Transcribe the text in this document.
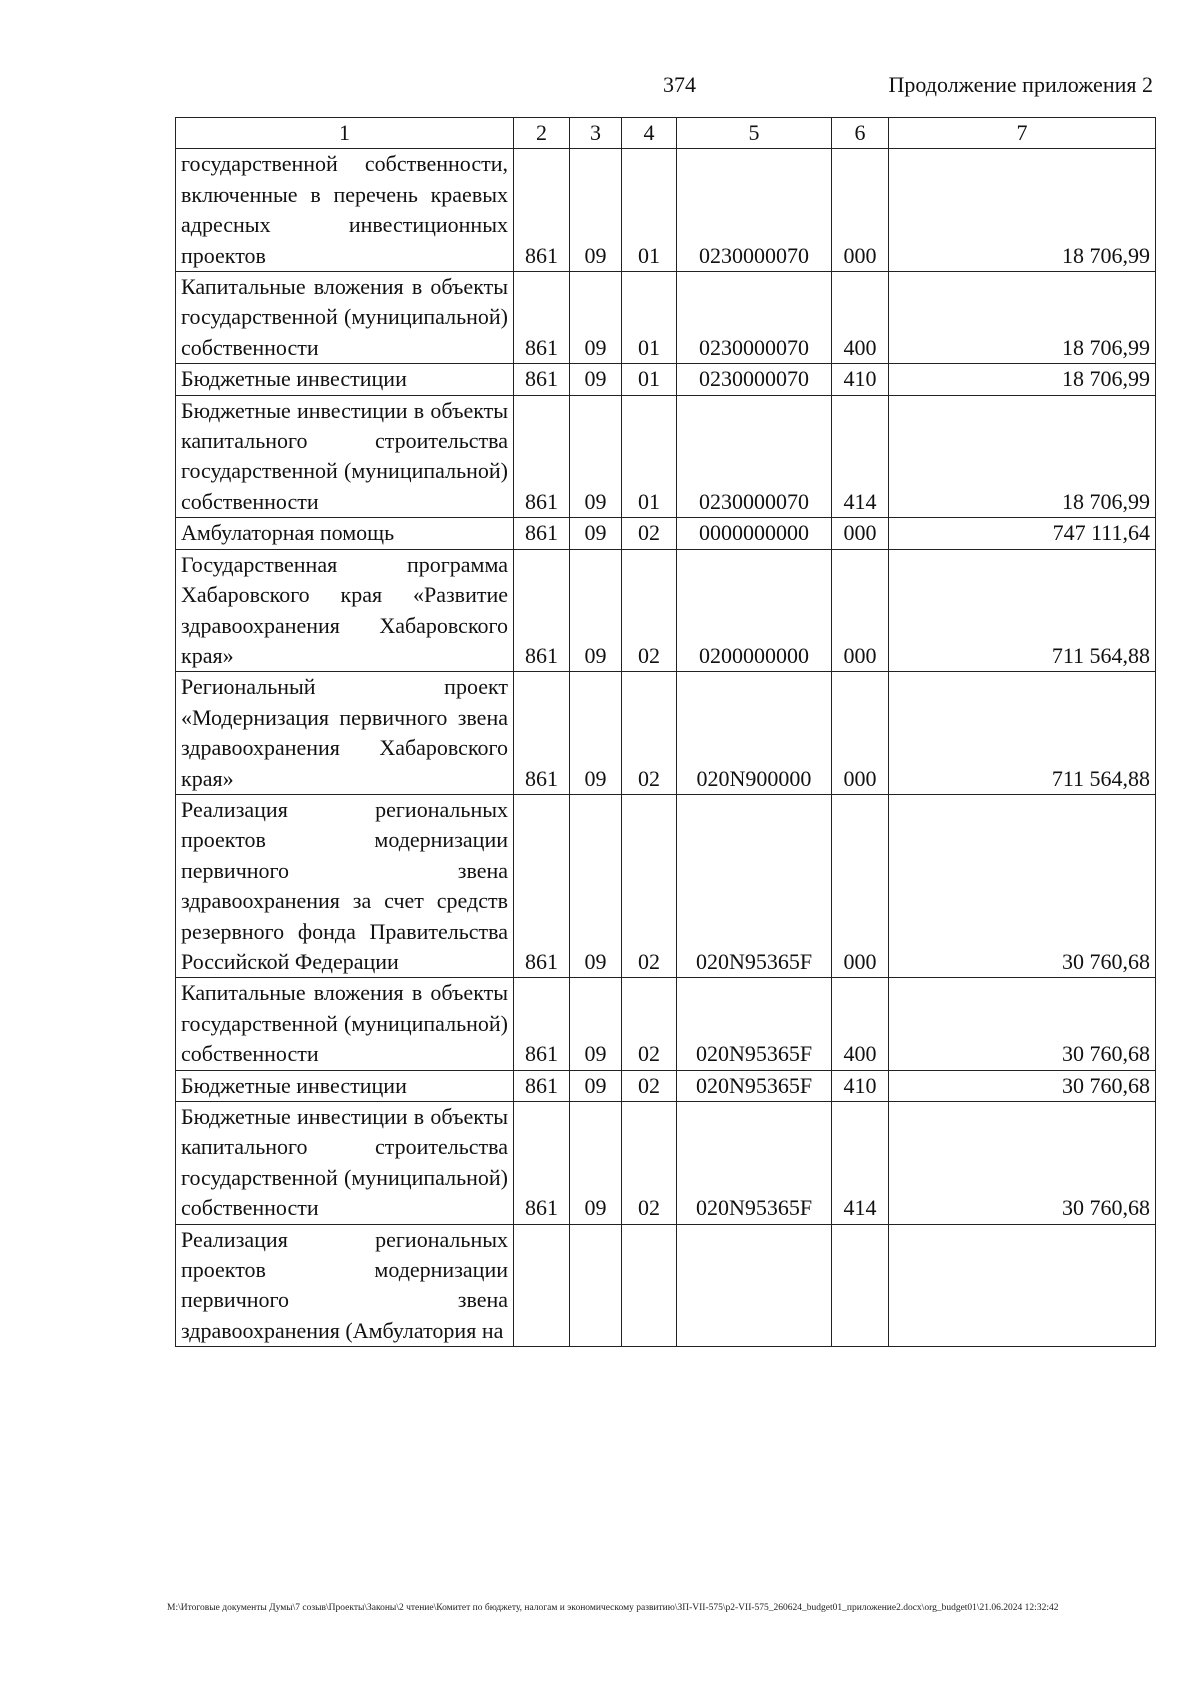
374	Продолжение приложения 2
1	2	3	4	5	6	7
государственной собственности, включенные в перечень краевых адресных инвестиционных проектов	861	09	01	0230000070	000	18 706,99
Капитальные вложения в объекты государственной (муниципальной) собственности	861	09	01	0230000070	400	18 706,99
Бюджетные инвестиции	861	09	01	0230000070	410	18 706,99
Бюджетные инвестиции в объекты капитального строительства государственной (муниципальной) собственности	861	09	01	0230000070	414	18 706,99
Амбулаторная помощь	861	09	02	0000000000	000	747 111,64
Государственная программа Хабаровского края «Развитие здравоохранения Хабаровского края»	861	09	02	0200000000	000	711 564,88
Региональный проект «Модернизация первичного звена здравоохранения Хабаровского края»	861	09	02	020N900000	000	711 564,88
Реализация региональных проектов модернизации первичного звена здравоохранения за счет средств резервного фонда Правительства Российской Федерации	861	09	02	020N95365F	000	30 760,68
Капитальные вложения в объекты государственной (муниципальной) собственности	861	09	02	020N95365F	400	30 760,68
Бюджетные инвестиции	861	09	02	020N95365F	410	30 760,68
Бюджетные инвестиции в объекты капитального строительства государственной (муниципальной) собственности	861	09	02	020N95365F	414	30 760,68
Реализация региональных проектов модернизации первичного звена здравоохранения (Амбулатория на						
М:\Итоговые документы Думы\7 созыв\Проекты\Законы\2 чтение\Комитет по бюджету, налогам и экономическому развитию\ЗП-VII-575\р2-VII-575_260624_budget01_приложение2.docx\org_budget01\21.06.2024 12:32:42
